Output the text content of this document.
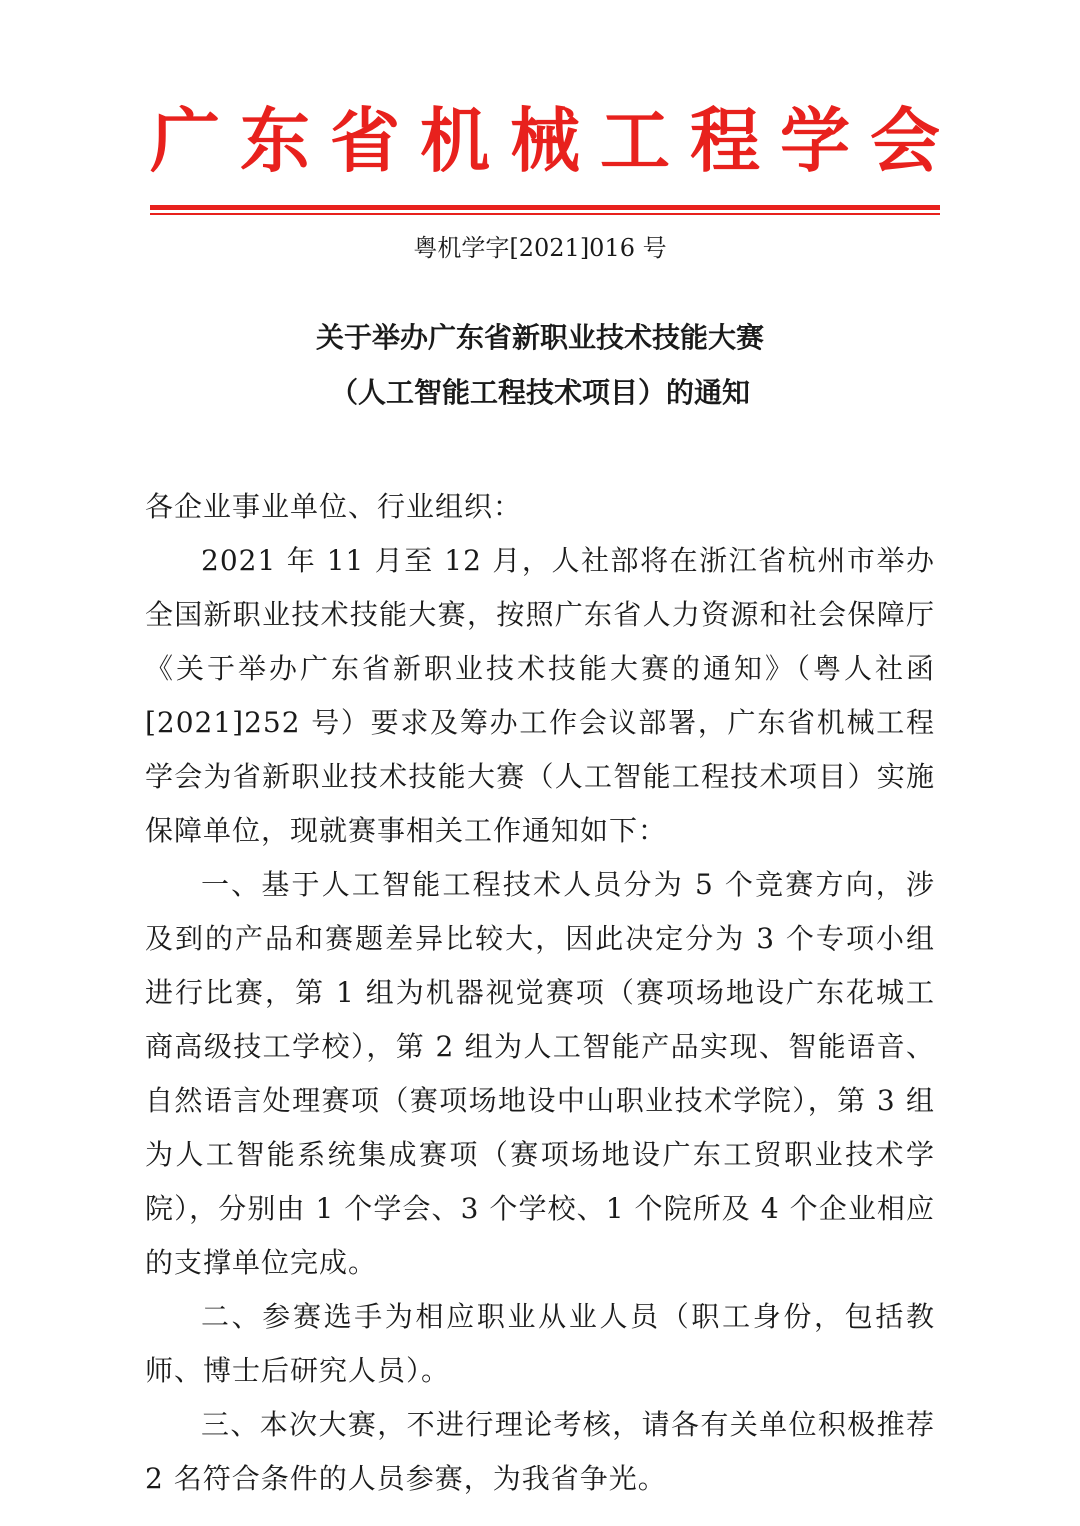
广 东 省 机 械 工 程 学 会
粤机学字[2021]016 号
关于举办广东省新职业技术技能大赛
（人工智能工程技术项目）的通知

各企业事业单位、行业组织：

2021 年 11 月至 12 月，人社部将在浙江省杭州市举办全国新职业技术技能大赛，按照广东省人力资源和社会保障厅《关于举办广东省新职业技术技能大赛的通知》（粤人社函[2021]252 号）要求及筹办工作会议部署，广东省机械工程学会为省新职业技术技能大赛（人工智能工程技术项目）实施保障单位，现就赛事相关工作通知如下：

一、基于人工智能工程技术人员分为 5 个竞赛方向，涉及到的产品和赛题差异比较大，因此决定分为 3 个专项小组进行比赛，第 1 组为机器视觉赛项（赛项场地设广东花城工商高级技工学校），第 2 组为人工智能产品实现、智能语音、自然语言处理赛项（赛项场地设中山职业技术学院），第 3 组为人工智能系统集成赛项（赛项场地设广东工贸职业技术学院），分别由 1 个学会、3 个学校、1 个院所及 4 个企业相应的支撑单位完成。

二、参赛选手为相应职业从业人员（职工身份，包括教师、博士后研究人员）。

三、本次大赛，不进行理论考核，请各有关单位积极推荐 2 名符合条件的人员参赛，为我省争光。
